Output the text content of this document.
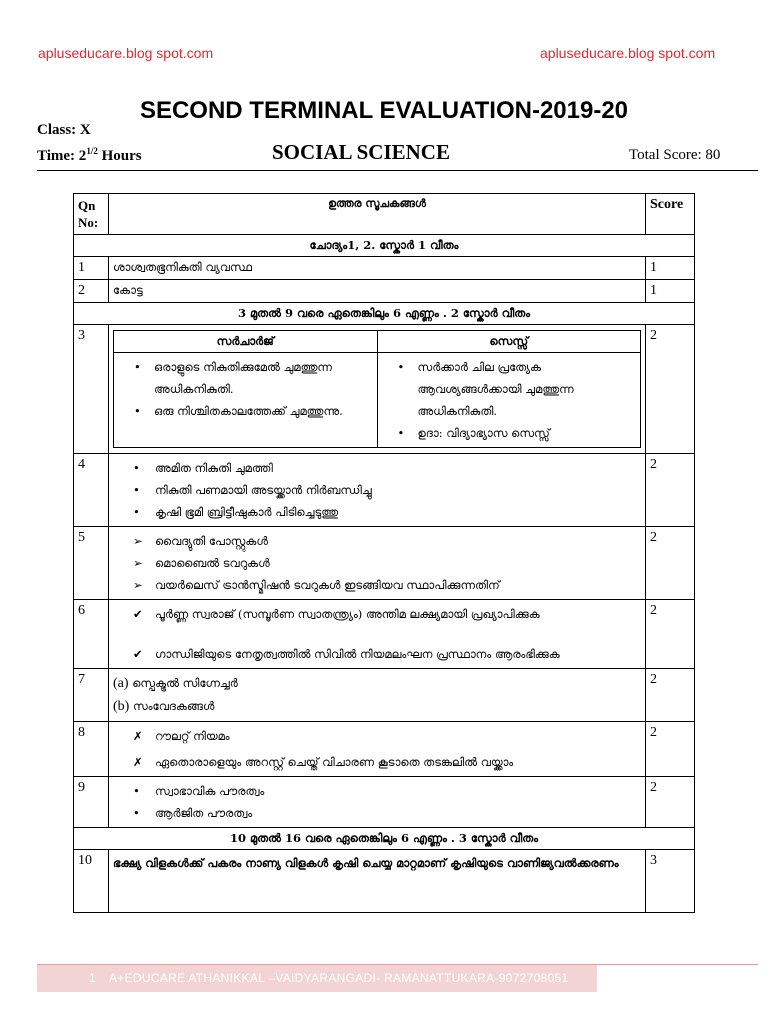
apluseducare.blog spot.com	apluseducare.blog spot.com
SECOND TERMINAL EVALUATION-2019-20
Class: X
Time: $2^{1/2}$ Hours	SOCIAL SCIENCE	Total Score: 80
Qn No:	ഉത്തര സൂചകങ്ങൾ	Score
ചോദ്യം1, 2. സ്കോർ 1 വീതം
1	ശാശ്വതഭൂനികുതി വ്യവസ്ഥ	1
2	കോട്ട	1
3 മുതൽ 9 വരെ ഏതെങ്കിലും 6 എണ്ണം . 2 സ്കോർ വീതം
3		സർചാർജ്	സെസ്സ്

• ഒരാളുടെ നികുതിക്കുമേൽ ചുമത്തുന്ന അധികനികുതി.
• ഒരു നിശ്ചിതകാലത്തേക്ക് ചുമത്തുന്നു.

• സർക്കാർ ചില പ്രത്യേക ആവശ്യങ്ങൾക്കായി ചുമത്തുന്ന അധികനികുതി.
• ഉദാ: വിദ്യാഭ്യാസ സെസ്സ്
	2
4	• അമിത നികുതി ചുമത്തി
• നികുതി പണമായി അടയ്ക്കാൻ നിർബന്ധിച്ചു
• കൃഷി ഭൂമി ബ്രിട്ടീഷുകാർ പിടിച്ചെടുത്തു
	2
5	➢ വൈദ്യുതി പോസ്റ്റുകൾ
➢ മൊബൈൽ ടവറുകൾ
➢ വയർലെസ് ട്രാൻസ്മിഷൻ ടവറുകൾ ഇടങ്ങിയവ സ്ഥാപിക്കുന്നതിന്
	2
6	✔ പൂർണ്ണ സ്വരാജ് (സമ്പൂർണ സ്വാതന്ത്ര്യം) അന്തിമ ലക്ഷ്യമായി പ്രഖ്യാപിക്കുക
✔ ഗാന്ധിജിയുടെ നേതൃത്വത്തിൽ സിവിൽ നിയമലംഘന പ്രസ്ഥാനം ആരംഭിക്കുക
	2
7	(a) സ്പെക്ട്രൽ സിഗ്നേച്ചർ
(b) സംവേദകങ്ങൾ
	2
8	✗ റൗലറ്റ് നിയമം
✗ ഏതൊരാളെയും അറസ്റ്റ് ചെയ്ത് വിചാരണ കൂടാതെ തടങ്കലിൽ വയ്ക്കാം
	2
9	• സ്വാഭാവിക പൗരത്വം
• ആർജിത പൗരത്വം
	2
10 മുതൽ 16 വരെ ഏതെങ്കിലും 6 എണ്ണം . 3 സ്കോർ വീതം
10	ഭക്ഷ്യ വിളകൾക്ക് പകരം നാണ്യ വിളകൾ കൃഷി ചെയ്യ മാറ്റമാണ് കൃഷിയുടെ വാണിജ്യവൽക്കരണം	3
1 A+EDUCARE ATHANIKKAL –VAIDYARANGADI- RAMANATTUKARA-9072708051
